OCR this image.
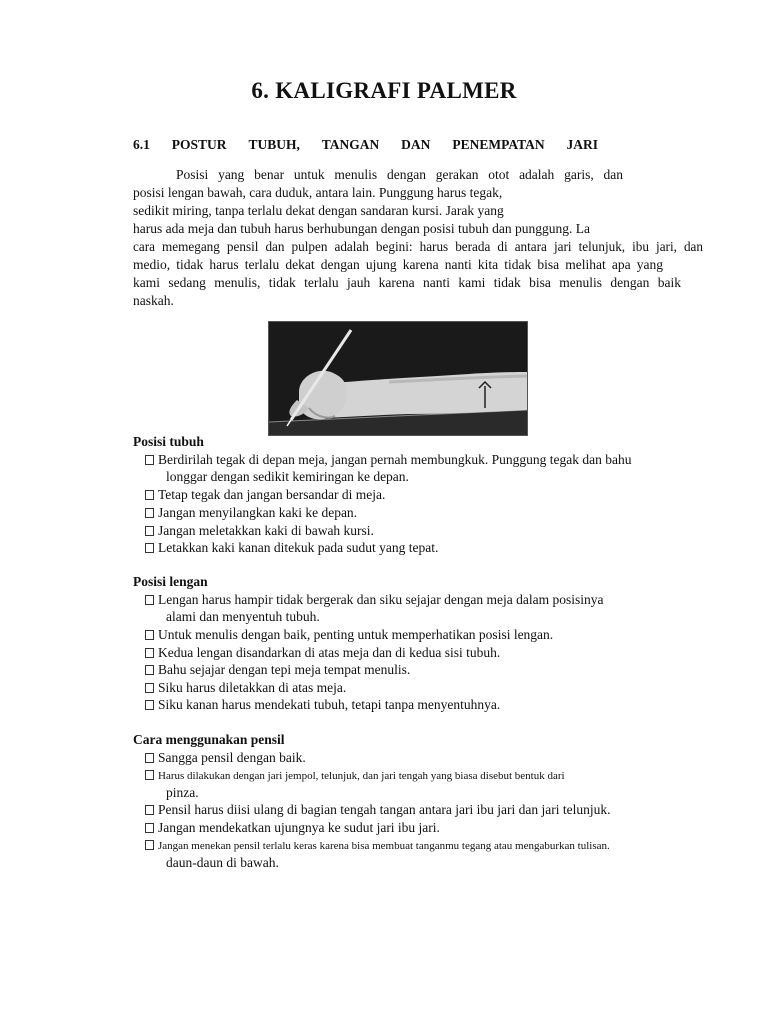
6. KALIGRAFI PALMER
6.1 POSTUR TUBUH, TANGAN DAN PENEMPATAN JARI
Posisi yang benar untuk menulis dengan gerakan otot adalah garis, dan
posisi lengan bawah, cara duduk, antara lain. Punggung harus tegak,
sedikit miring, tanpa terlalu dekat dengan sandaran kursi. Jarak yang
harus ada meja dan tubuh harus berhubungan dengan posisi tubuh dan punggung. La
cara memegang pensil dan pulpen adalah begini: harus berada di antara jari telunjuk, ibu jari, dan
medio, tidak harus terlalu dekat dengan ujung karena nanti kita tidak bisa melihat apa yang
kami sedang menulis, tidak terlalu jauh karena nanti kami tidak bisa menulis dengan baik
naskah.
Posisi tubuh
Berdirilah tegak di depan meja, jangan pernah membungkuk. Punggung tegak dan bahu
longgar dengan sedikit kemiringan ke depan.
Tetap tegak dan jangan bersandar di meja.
Jangan menyilangkan kaki ke depan.
Jangan meletakkan kaki di bawah kursi.
Letakkan kaki kanan ditekuk pada sudut yang tepat.
Posisi lengan
Lengan harus hampir tidak bergerak dan siku sejajar dengan meja dalam posisinya
alami dan menyentuh tubuh.
Untuk menulis dengan baik, penting untuk memperhatikan posisi lengan.
Kedua lengan disandarkan di atas meja dan di kedua sisi tubuh.
Bahu sejajar dengan tepi meja tempat menulis.
Siku harus diletakkan di atas meja.
Siku kanan harus mendekati tubuh, tetapi tanpa menyentuhnya.
Cara menggunakan pensil
Sangga pensil dengan baik.
Harus dilakukan dengan jari jempol, telunjuk, dan jari tengah yang biasa disebut bentuk dari
pinza.
Pensil harus diisi ulang di bagian tengah tangan antara jari ibu jari dan jari telunjuk.
Jangan mendekatkan ujungnya ke sudut jari ibu jari.
Jangan menekan pensil terlalu keras karena bisa membuat tanganmu tegang atau mengaburkan tulisan.
daun-daun di bawah.
